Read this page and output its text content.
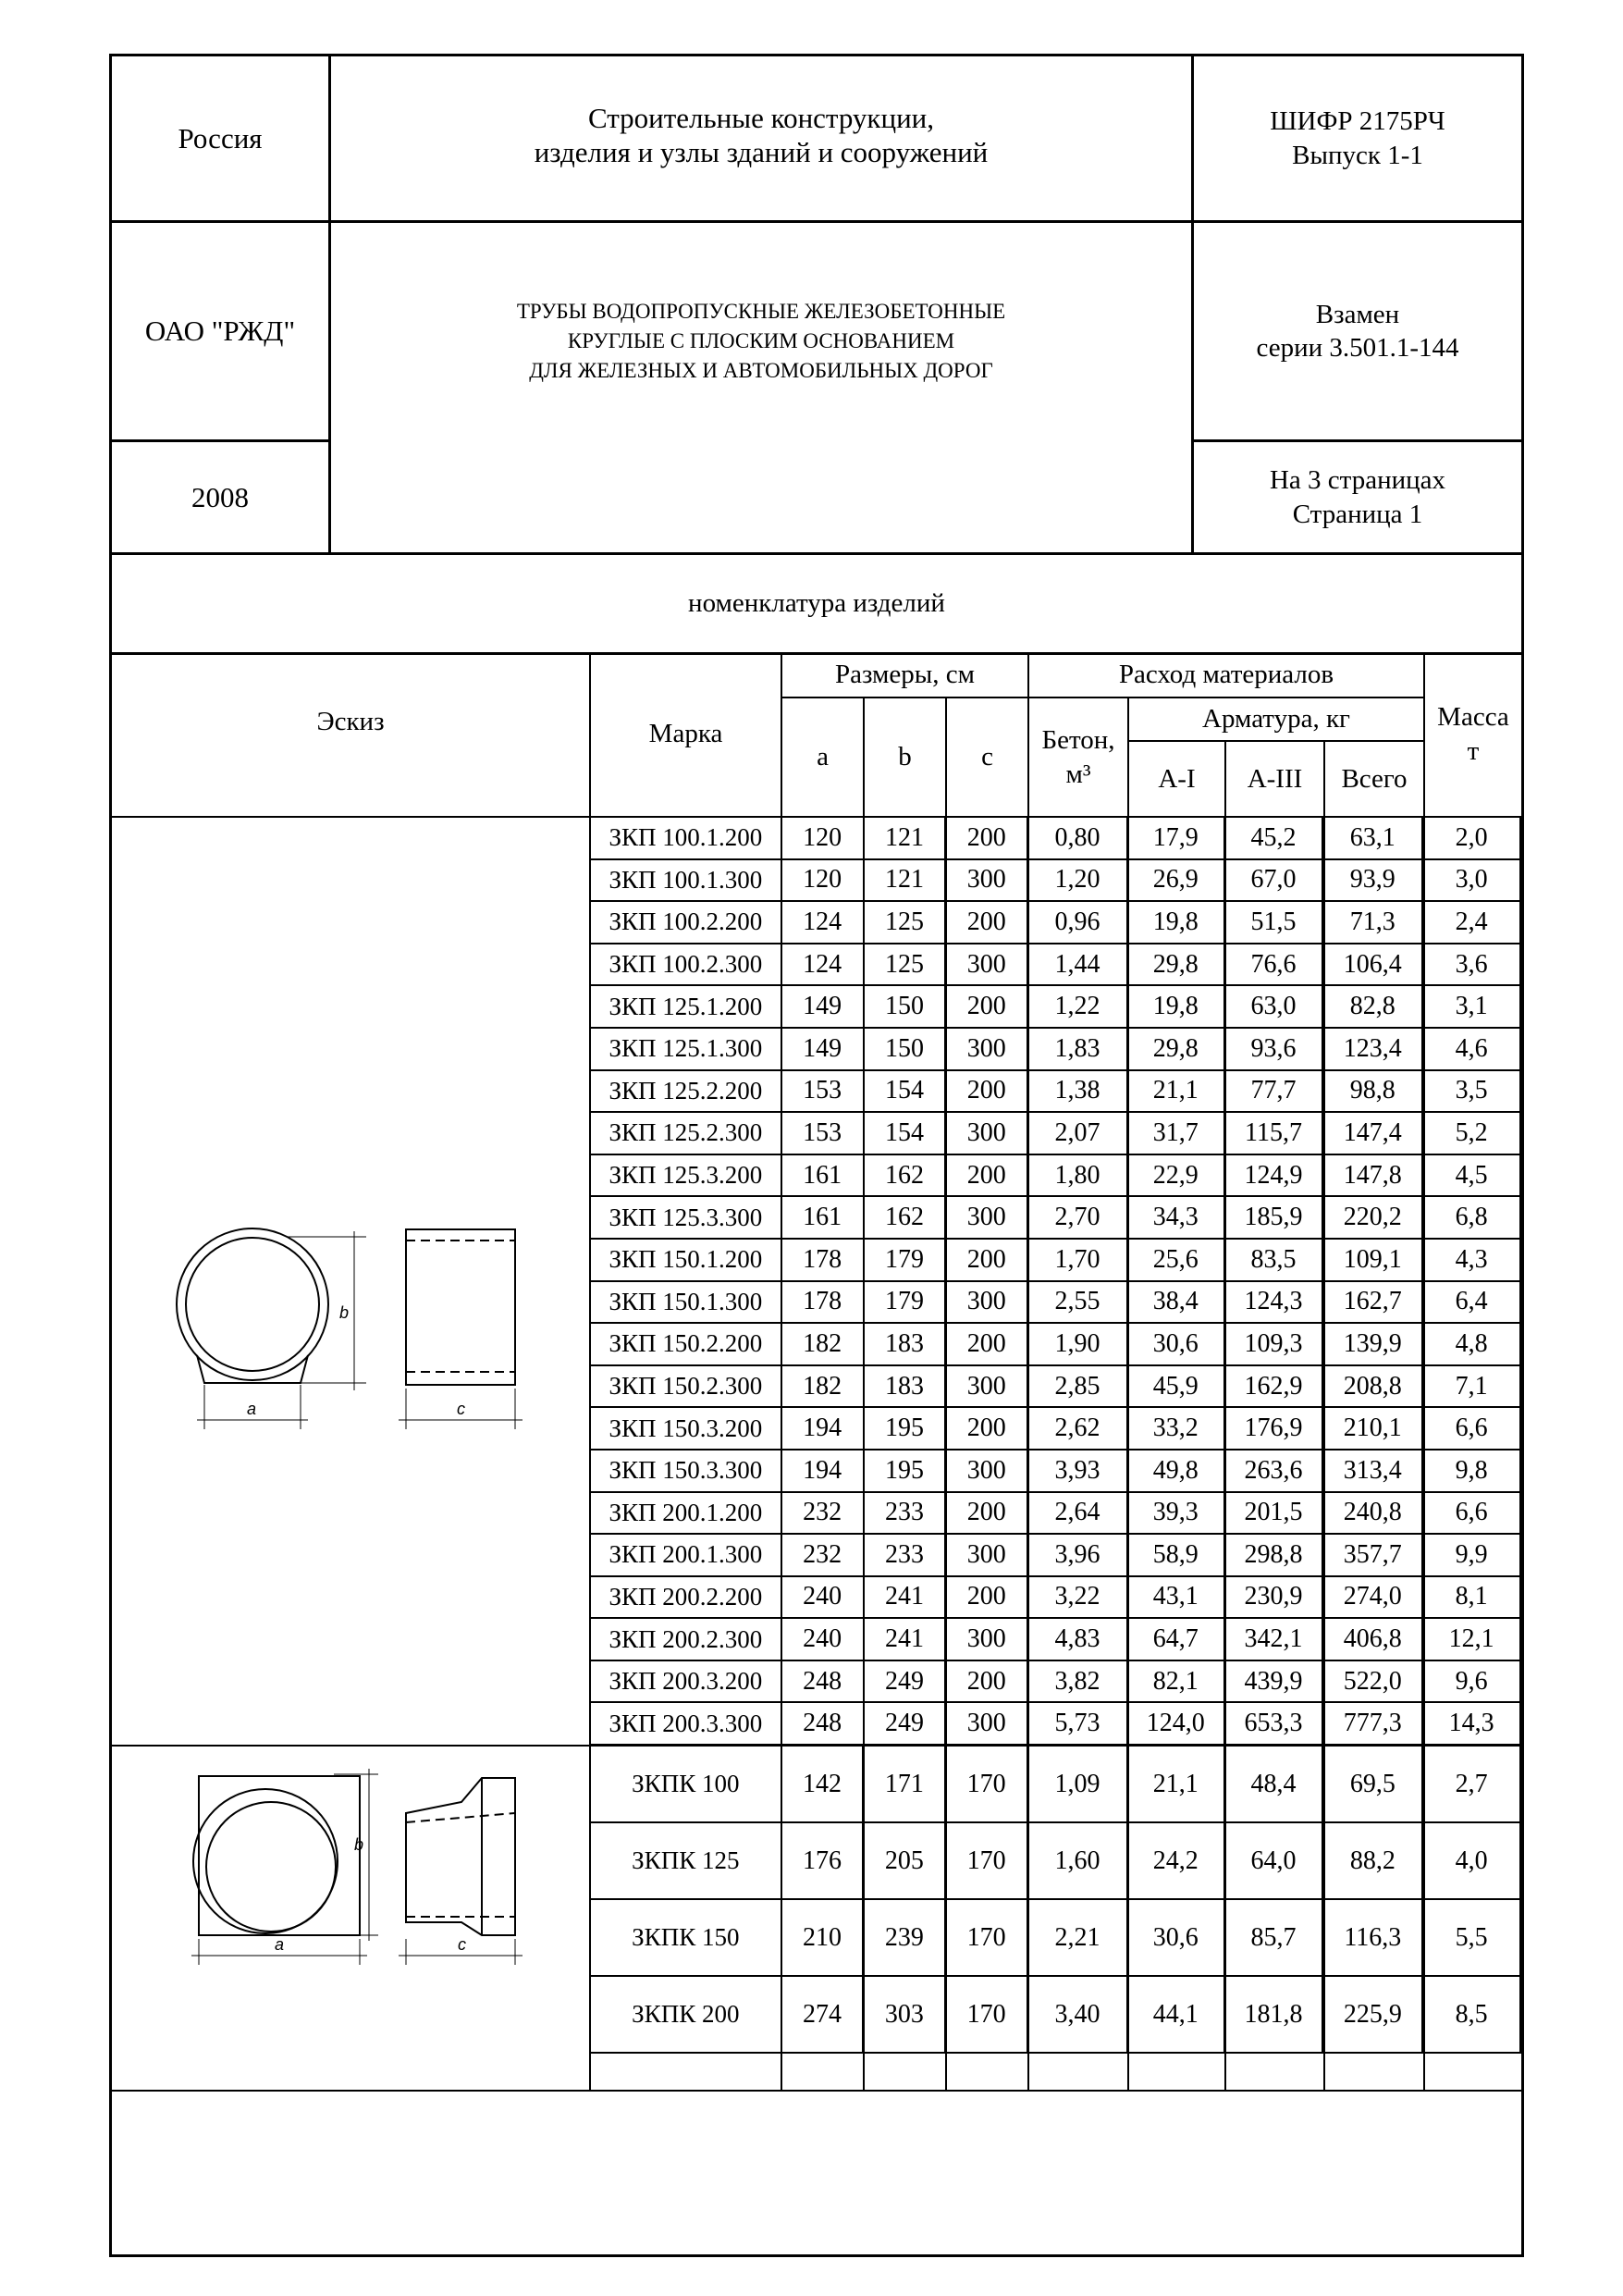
Россия
Строительные конструкции,
изделия и узлы зданий и сооружений
ШИФР 2175РЧ
Выпуск 1-1
ОАО "РЖД"
ТРУБЫ ВОДОПРОПУСКНЫЕ ЖЕЛЕЗОБЕТОННЫЕ
КРУГЛЫЕ С ПЛОСКИМ ОСНОВАНИЕМ
ДЛЯ ЖЕЛЕЗНЫХ И АВТОМОБИЛЬНЫХ ДОРОГ
Взамен
серии 3.501.1-144
2008
На 3 страницах
Страница 1
номенклатура изделий
Эскиз	Марка
Размеры, см
a	b	c
Расход материалов
Бетон,
м³
Арматура, кг
A-I	A-III	Всего
Масса
т
ЗКП 100.1.200	120	121	200	0,80	17,9	45,2	63,1	2,0
ЗКП 100.1.300	120	121	300	1,20	26,9	67,0	93,9	3,0
ЗКП 100.2.200	124	125	200	0,96	19,8	51,5	71,3	2,4
ЗКП 100.2.300	124	125	300	1,44	29,8	76,6	106,4	3,6
ЗКП 125.1.200	149	150	200	1,22	19,8	63,0	82,8	3,1
ЗКП 125.1.300	149	150	300	1,83	29,8	93,6	123,4	4,6
ЗКП 125.2.200	153	154	200	1,38	21,1	77,7	98,8	3,5
ЗКП 125.2.300	153	154	300	2,07	31,7	115,7	147,4	5,2
ЗКП 125.3.200	161	162	200	1,80	22,9	124,9	147,8	4,5
ЗКП 125.3.300	161	162	300	2,70	34,3	185,9	220,2	6,8
ЗКП 150.1.200	178	179	200	1,70	25,6	83,5	109,1	4,3
ЗКП 150.1.300	178	179	300	2,55	38,4	124,3	162,7	6,4
ЗКП 150.2.200	182	183	200	1,90	30,6	109,3	139,9	4,8
ЗКП 150.2.300	182	183	300	2,85	45,9	162,9	208,8	7,1
ЗКП 150.3.200	194	195	200	2,62	33,2	176,9	210,1	6,6
ЗКП 150.3.300	194	195	300	3,93	49,8	263,6	313,4	9,8
ЗКП 200.1.200	232	233	200	2,64	39,3	201,5	240,8	6,6
ЗКП 200.1.300	232	233	300	3,96	58,9	298,8	357,7	9,9
ЗКП 200.2.200	240	241	200	3,22	43,1	230,9	274,0	8,1
ЗКП 200.2.300	240	241	300	4,83	64,7	342,1	406,8	12,1
ЗКП 200.3.200	248	249	200	3,82	82,1	439,9	522,0	9,6
ЗКП 200.3.300	248	249	300	5,73	124,0	653,3	777,3	14,3
ЗКПК 100	142	171	170	1,09	21,1	48,4	69,5	2,7
ЗКПК 125	176	205	170	1,60	24,2	64,0	88,2	4,0
ЗКПК 150	210	239	170	2,21	30,6	85,7	116,3	5,5
ЗКПК 200	274	303	170	3,40	44,1	181,8	225,9	8,5
b
a	c
b
a	c
